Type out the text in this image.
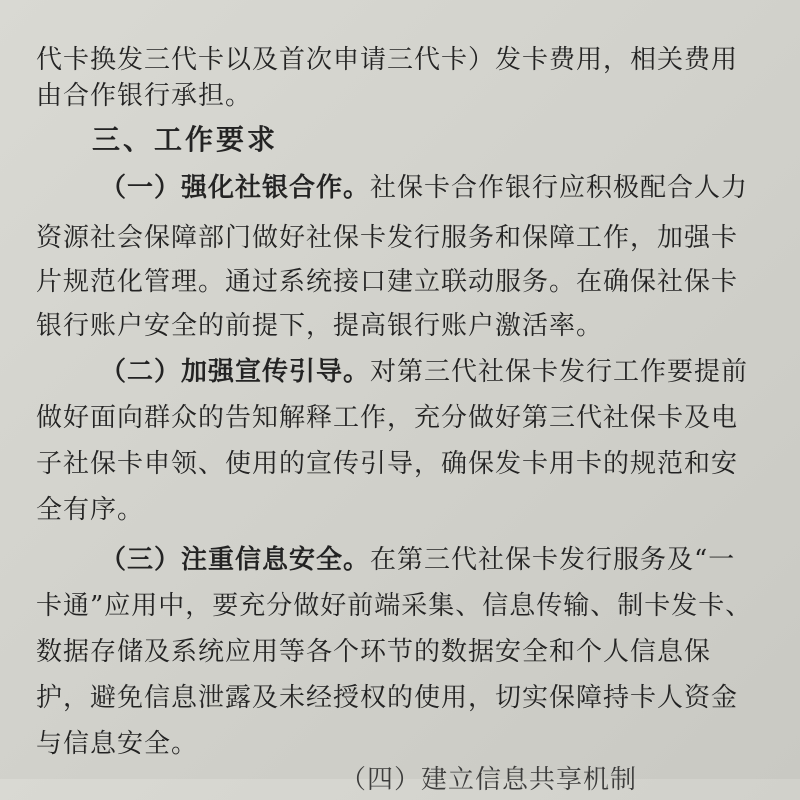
代卡换发三代卡以及首次申请三代卡）发卡费用，相关费用
由合作银行承担。
三、工作要求
（一）强化社银合作。社保卡合作银行应积极配合人力
资源社会保障部门做好社保卡发行服务和保障工作，加强卡
片规范化管理。通过系统接口建立联动服务。在确保社保卡
银行账户安全的前提下，提高银行账户激活率。
（二）加强宣传引导。对第三代社保卡发行工作要提前
做好面向群众的告知解释工作，充分做好第三代社保卡及电
子社保卡申领、使用的宣传引导，确保发卡用卡的规范和安
全有序。
（三）注重信息安全。在第三代社保卡发行服务及“一
卡通”应用中，要充分做好前端采集、信息传输、制卡发卡、
数据存储及系统应用等各个环节的数据安全和个人信息保
护，避免信息泄露及未经授权的使用，切实保障持卡人资金
与信息安全。
（四）建立信息共享机制
